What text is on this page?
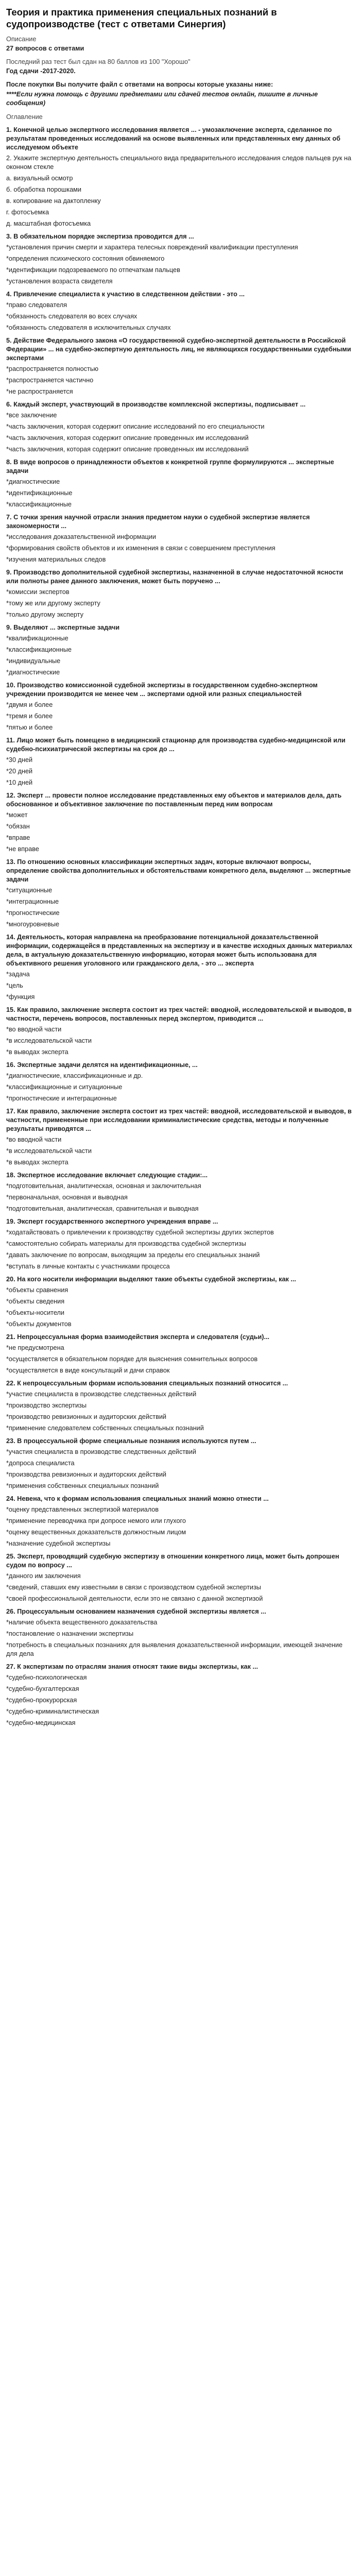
Теория и практика применения специальных познаний в судопроизводстве (тест с ответами Синергия)
Описание
27 вопросов с ответами
Последний раз тест был сдан на 80 баллов из 100 "Хорошо"
Год сдачи -2017-2020.

После покупки Вы получите файл с ответами на вопросы которые указаны ниже:

****Если нужна помощь с другими предметами или сдачей тестов онлайн, пишите в личные сообщения)

Оглавление
1. Конечной целью экспертного исследования является ... - умозаключение эксперта, сделанное по результатам проведенных исследований на основе выявленных или представленных ему данных об исследуемом объекте
2. Укажите экспертную деятельность специального вида предварительного исследования следов пальцев рук на оконном стекле
а. визуальный осмотр
б. обработка порошками
в. копирование на дактопленку
г. фотосъемка
д. масштабная фотосъемка
3. В обязательном порядке экспертиза проводится для ...
*установления причин смерти и характера телесных повреждений квалификации преступления
*определения психического состояния обвиняемого
*идентификации подозреваемого по отпечаткам пальцев
*установления возраста свидетеля
4. Привлечение специалиста к участию в следственном действии - это ...
*право следователя
*обязанность следователя во всех случаях
*обязанность следователя в исключительных случаях
5. Действие Федерального закона «О государственной судебно-экспертной деятельности в Российской Федерации» ... на судебно-экспертную деятельность лиц, не являющихся государственными судебными экспертами
*распространяется полностью
*распространяется частично
*не распространяется
6. Каждый эксперт, участвующий в производстве комплексной экспертизы, подписывает ...
*все заключение
*часть заключения, которая содержит описание исследований по его специальности
*часть заключения, которая содержит описание проведенных им исследований
*часть заключения, которая содержит описание проведенных им исследований
8. В виде вопросов о принадлежности объектов к конкретной группе формулируются ... экспертные задачи
*диагностические
*идентификационные
*классификационные
7. С точки зрения научной отрасли знания предметом науки о судебной экспертизе является закономерности ...
*исследования доказательственной информации
*формирования свойств объектов и их изменения в связи с совершением преступления
*изучения материальных следов
9. Производство дополнительной судебной экспертизы, назначенной в случае недостаточной ясности или полноты ранее данного заключения, может быть поручено ...
*комиссии экспертов
*тому же или другому эксперту
*только другому эксперту
9. Выделяют ... экспертные задачи
*квалификационные
*классификационные
*индивидуальные
*диагностические
10. Производство комиссионной судебной экспертизы в государственном судебно-экспертном учреждении производится не менее чем ... экспертами одной или разных специальностей
*двумя и более
*тремя и более
*пятью и более
11. Лицо может быть помещено в медицинский стационар для производства судебно-медицинской или судебно-психиатрической экспертизы на срок до ...
*30 дней
*20 дней
*10 дней
12. Эксперт ... провести полное исследование представленных ему объектов и материалов дела, дать обоснованное и объективное заключение по поставленным перед ним вопросам
*может
*обязан
*вправе
*не вправе
13. По отношению основных классификации экспертных задач, которые включают вопросы, определение свойства дополнительных и обстоятельствами конкретного дела, выделяют ... экспертные задачи
*ситуационные
*интеграционные
*прогностические
*многоуровневые
14. Деятельность, которая направлена на преобразование потенциальной доказательственной информации, содержащейся в представленных на экспертизу и в качестве исходных данных материалах дела, в актуальную доказательственную информацию, которая может быть использована для объективного решения уголовного или гражданского дела, - это ... эксперта
*задача
*цель
*функция
15. Как правило, заключение эксперта состоит из трех частей: вводной, исследовательской и выводов, в частности, перечень вопросов, поставленных перед экспертом, приводится ...
*во вводной части
*в исследовательской части
*в выводах эксперта
16. Экспертные задачи делятся на идентификационные, ...
*диагностические, классификационные и др.
*классификационные и ситуационные
*прогностические и интеграционные
17. Как правило, заключение эксперта состоит из трех частей: вводной, исследовательской и выводов, в частности, примененные при исследовании криминалистические средства, методы и полученные результаты приводятся ...
*во вводной части
*в исследовательской части
*в выводах эксперта
18. Экспертное исследование включает следующие стадии:...
*подготовительная, аналитическая, основная и заключительная
*первоначальная, основная и выводная
*подготовительная, аналитическая, сравнительная и выводная
19. Эксперт государственного экспертного учреждения вправе ...
*ходатайствовать о привлечении к производству судебной экспертизы других экспертов
*самостоятельно собирать материалы для производства судебной экспертизы
*давать заключение по вопросам, выходящим за пределы его специальных знаний
*вступать в личные контакты с участниками процесса
20. На кого носители информации выделяют такие объекты судебной экспертизы, как ...
*объекты сравнения
*объекты сведения
*объекты-носители
*объекты документов
21. Непроцессуальная форма взаимодействия эксперта и следователя (судьи)...
*не предусмотрена
*осуществляется в обязательном порядке для выяснения сомнительных вопросов
*осуществляется в виде консультаций и дачи справок
22. К непроцессуальным формам использования специальных познаний относится ...
*участие специалиста в производстве следственных действий
*производство экспертизы
*производство ревизионных и аудиторских действий
*применение следователем собственных специальных познаний
23. В процессуальной форме специальные познания используются путем ...
*участия специалиста в производстве следственных действий
*допроса специалиста
*производства ревизионных и аудиторских действий
*применения собственных специальных познаний
24. Невена, что к формам использования специальных знаний можно отнести ...
*оценку представленных экспертизой материалов
*применение переводчика при допросе немого или глухого
*оценку вещественных доказательств должностным лицом
*назначение судебной экспертизы
25. Эксперт, проводящий судебную экспертизу в отношении конкретного лица, может быть допрошен судом по вопросу ...
*данного им заключения
*сведений, ставших ему известными в связи с производством судебной экспертизы
*своей профессиональной деятельности, если это не связано с данной экспертизой
26. Процессуальным основанием назначения судебной экспертизы является ...
*наличие объекта вещественного доказательства
*постановление о назначении экспертизы
*потребность в специальных познаниях для выявления доказательственной информации, имеющей значение для дела
27. К экспертизам по отраслям знания относят такие виды экспертизы, как ...
*судебно-психологическая
*судебно-бухгалтерская
*судебно-прокурорская
*судебно-криминалистическая
*судебно-медицинская
